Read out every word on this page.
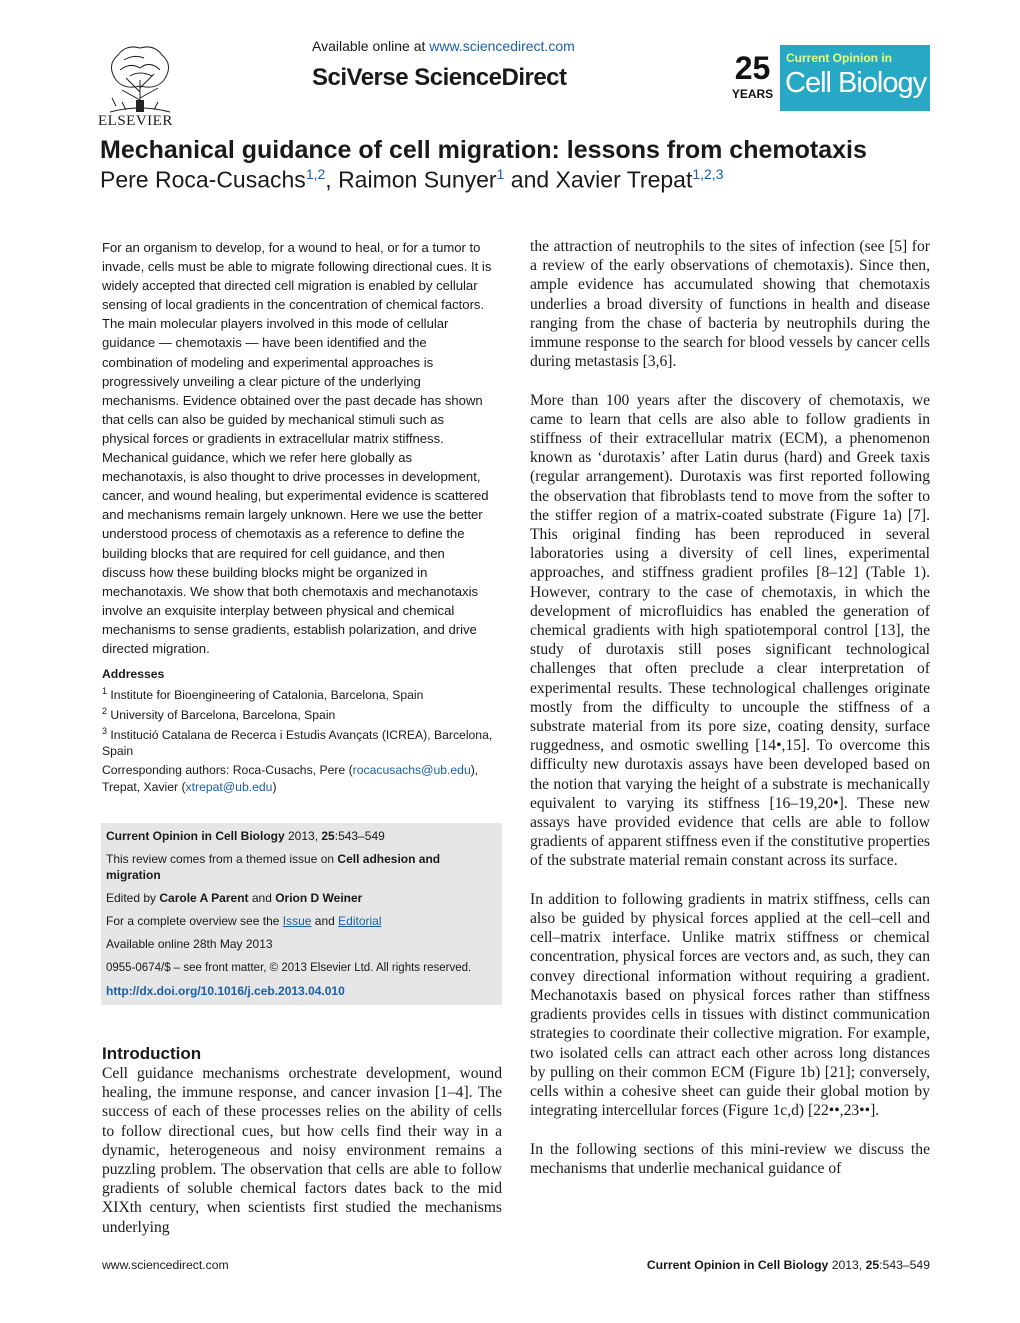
ELSEVIER
Available online at www.sciencedirect.com
SciVerse ScienceDirect	25
YEARS
Current Opinion in
Cell Biology
Mechanical guidance of cell migration: lessons from chemotaxis
Pere Roca-Cusachs$^{1,2}$, Raimon Sunyer$^1$ and Xavier Trepat$^{1,2,3}$

For an organism to develop, for a wound to heal, or for a tumor to invade, cells must be able to migrate following directional cues. It is widely accepted that directed cell migration is enabled by cellular sensing of local gradients in the concentration of chemical factors. The main molecular players involved in this mode of cellular guidance — chemotaxis — have been identified and the combination of modeling and experimental approaches is progressively unveiling a clear picture of the underlying mechanisms. Evidence obtained over the past decade has shown that cells can also be guided by mechanical stimuli such as physical forces or gradients in extracellular matrix stiffness. Mechanical guidance, which we refer here globally as mechanotaxis, is also thought to drive processes in development, cancer, and wound healing, but experimental evidence is scattered and mechanisms remain largely unknown. Here we use the better understood process of chemotaxis as a reference to define the building blocks that are required for cell guidance, and then discuss how these building blocks might be organized in mechanotaxis. We show that both chemotaxis and mechanotaxis involve an exquisite interplay between physical and chemical mechanisms to sense gradients, establish polarization, and drive directed migration.

Addresses
$^1$ Institute for Bioengineering of Catalonia, Barcelona, Spain
$^2$ University of Barcelona, Barcelona, Spain
$^3$ Institució Catalana de Recerca i Estudis Avançats (ICREA), Barcelona, Spain
Corresponding authors: Roca-Cusachs, Pere (rocacusachs@ub.edu), Trepat, Xavier (xtrepat@ub.edu)
Current Opinion in Cell Biology 2013, 25:543–549
This review comes from a themed issue on Cell adhesion and migration
Edited by Carole A Parent and Orion D Weiner
For a complete overview see the Issue and Editorial
Available online 28th May 2013
0955-0674/$ – see front matter, © 2013 Elsevier Ltd. All rights reserved.
http://dx.doi.org/10.1016/j.ceb.2013.04.010
Introduction

Cell guidance mechanisms orchestrate development, wound healing, the immune response, and cancer invasion [1–4]. The success of each of these processes relies on the ability of cells to follow directional cues, but how cells find their way in a dynamic, heterogeneous and noisy environment remains a puzzling problem. The observation that cells are able to follow gradients of soluble chemical factors dates back to the mid XIXth century, when scientists first studied the mechanisms underlying

the attraction of neutrophils to the sites of infection (see [5] for a review of the early observations of chemotaxis). Since then, ample evidence has accumulated showing that chemotaxis underlies a broad diversity of functions in health and disease ranging from the chase of bacteria by neutrophils during the immune response to the search for blood vessels by cancer cells during metastasis [3,6].

More than 100 years after the discovery of chemotaxis, we came to learn that cells are also able to follow gradients in stiffness of their extracellular matrix (ECM), a phenomenon known as ‘durotaxis’ after Latin durus (hard) and Greek taxis (regular arrangement). Durotaxis was first reported following the observation that fibroblasts tend to move from the softer to the stiffer region of a matrix-coated substrate (Figure 1a) [7]. This original finding has been reproduced in several laboratories using a diversity of cell lines, experimental approaches, and stiffness gradient profiles [8–12] (Table 1). However, contrary to the case of chemotaxis, in which the development of microfluidics has enabled the generation of chemical gradients with high spatiotemporal control [13], the study of durotaxis still poses significant technological challenges that often preclude a clear interpretation of experimental results. These technological challenges originate mostly from the difficulty to uncouple the stiffness of a substrate material from its pore size, coating density, surface ruggedness, and osmotic swelling [14•,15]. To overcome this difficulty new durotaxis assays have been developed based on the notion that varying the height of a substrate is mechanically equivalent to varying its stiffness [16–19,20•]. These new assays have provided evidence that cells are able to follow gradients of apparent stiffness even if the constitutive properties of the substrate material remain constant across its surface.

In addition to following gradients in matrix stiffness, cells can also be guided by physical forces applied at the cell–cell and cell–matrix interface. Unlike matrix stiffness or chemical concentration, physical forces are vectors and, as such, they can convey directional information without requiring a gradient. Mechanotaxis based on physical forces rather than stiffness gradients provides cells in tissues with distinct communication strategies to coordinate their collective migration. For example, two isolated cells can attract each other across long distances by pulling on their common ECM (Figure 1b) [21]; conversely, cells within a cohesive sheet can guide their global motion by integrating intercellular forces (Figure 1c,d) [22••,23••].

In the following sections of this mini-review we discuss the mechanisms that underlie mechanical guidance of

www.sciencedirect.com	Current Opinion in Cell Biology 2013, 25:543–549
